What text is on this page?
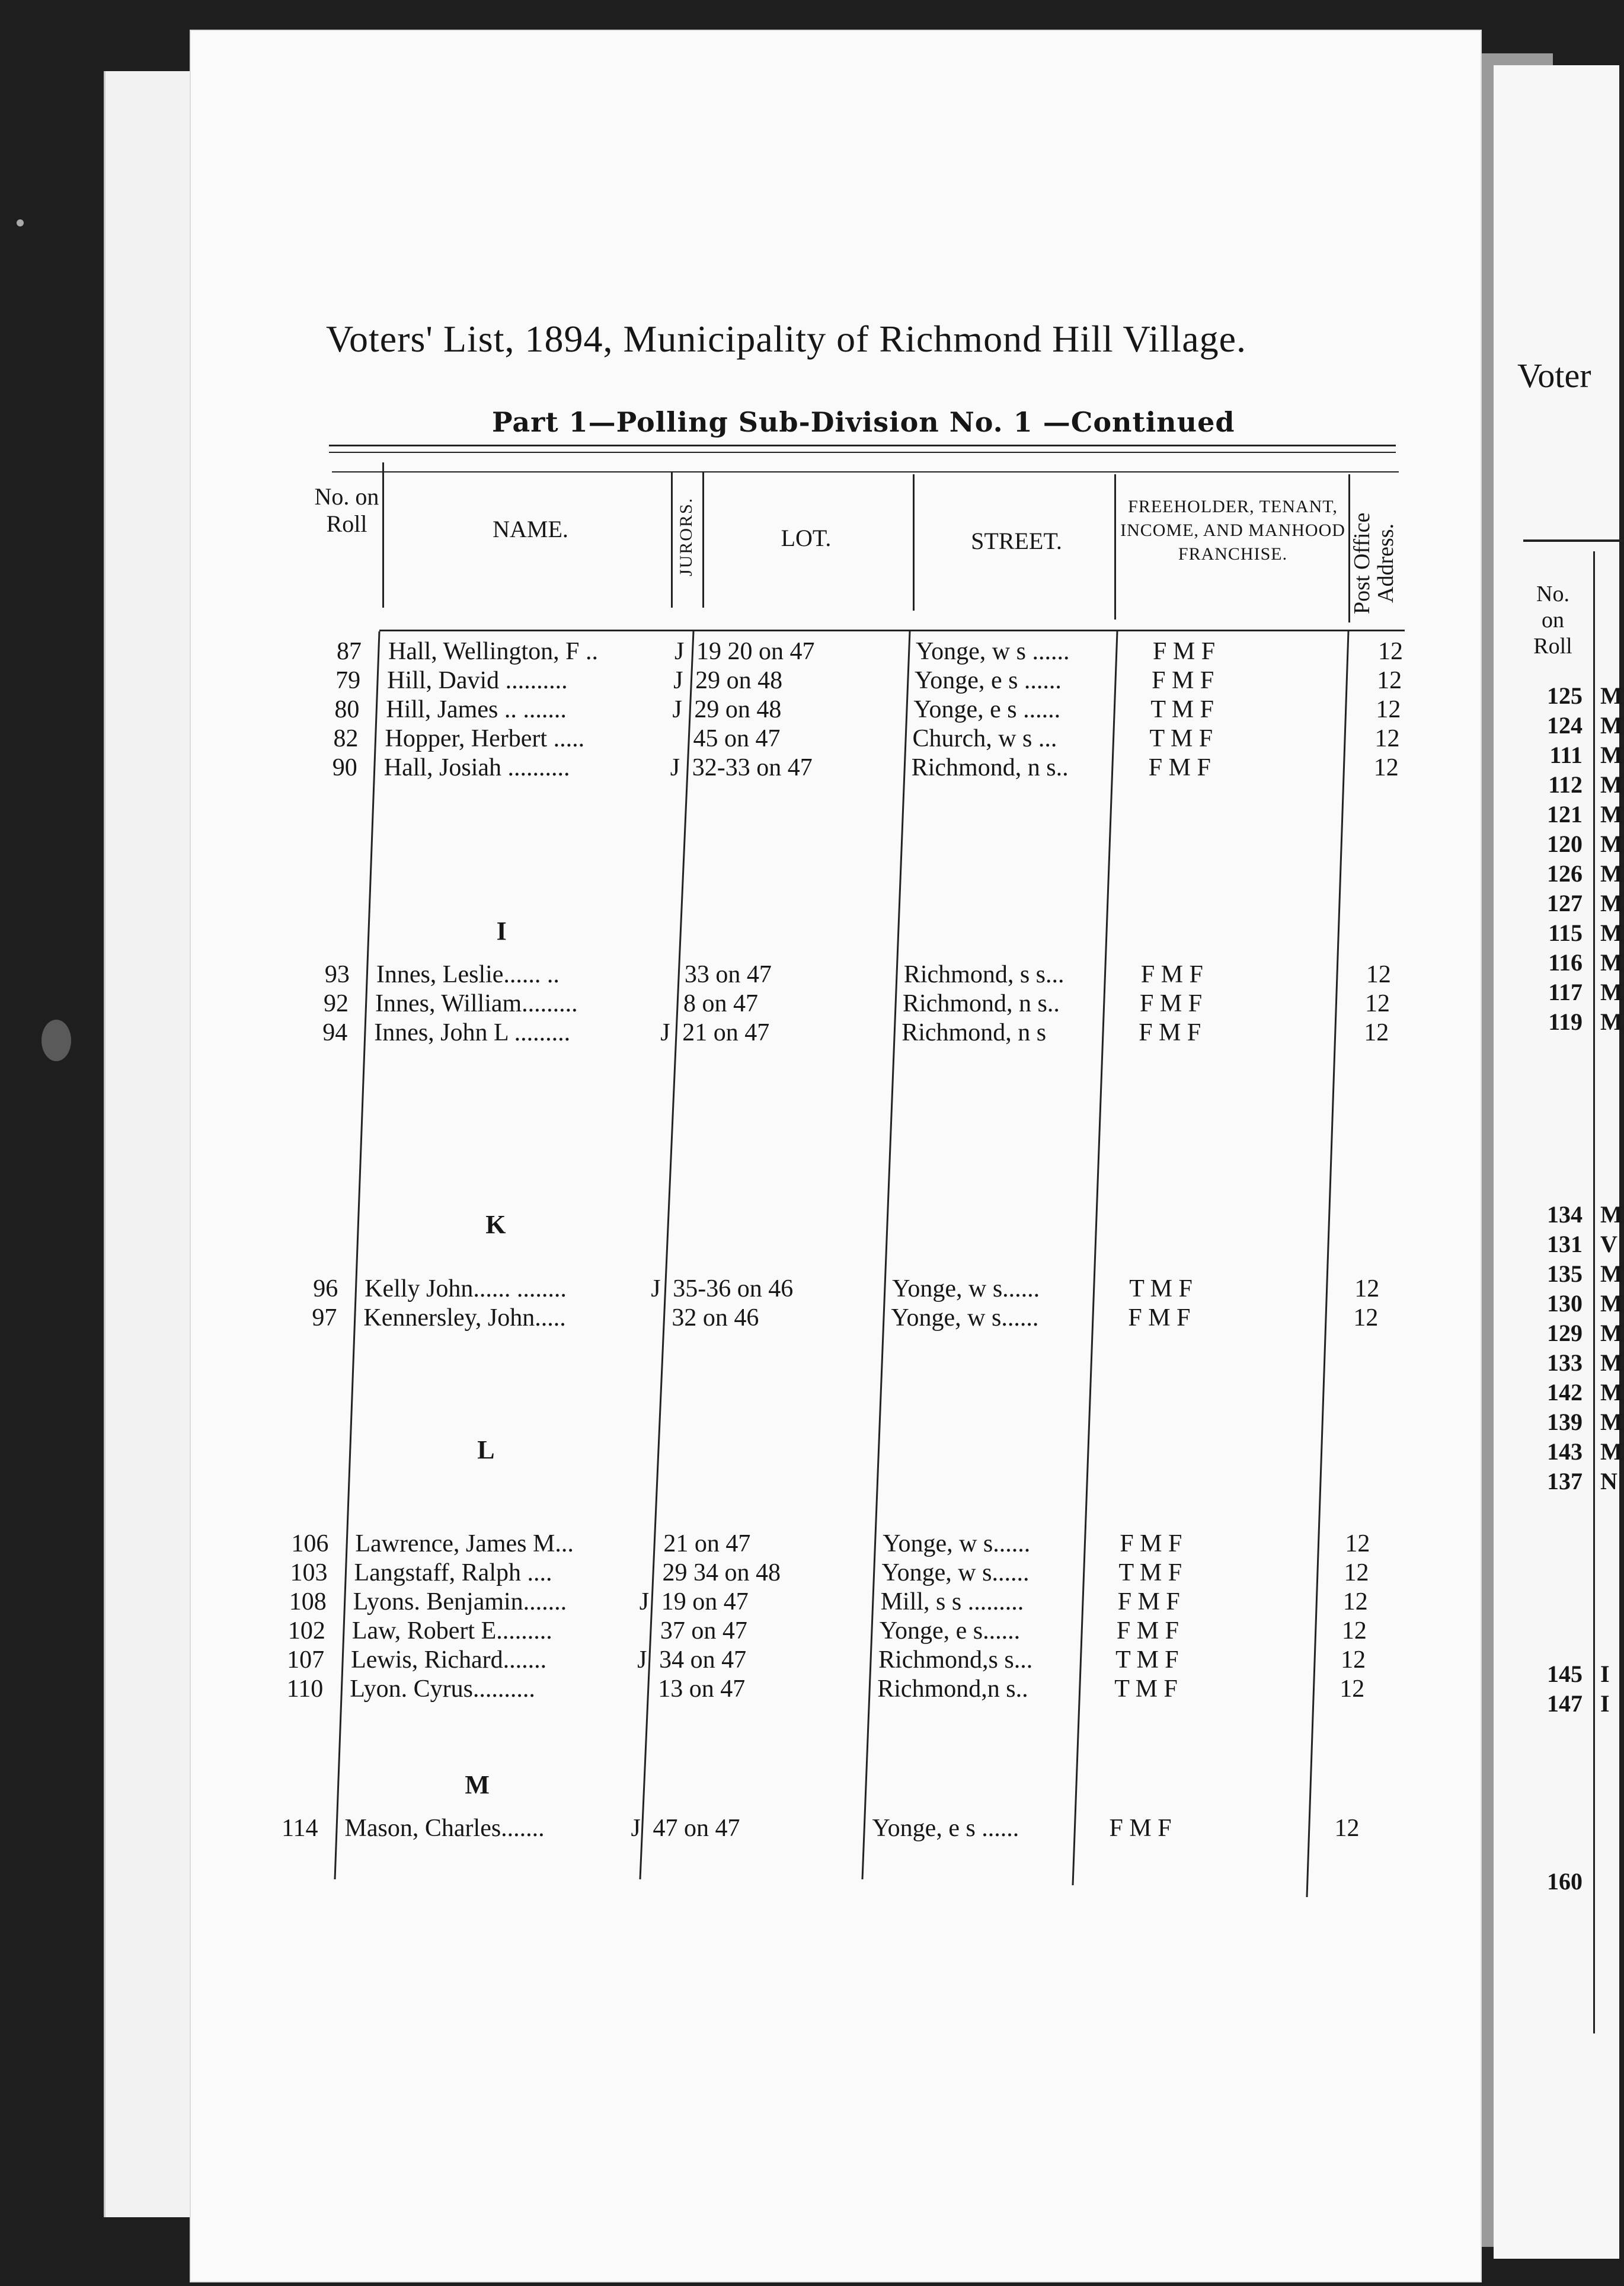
Voter
No. on Roll
125 M
124 M
111 M
112 M
121 M
120 M
126 M
127 M
115 M
116 M
117 M
119 M
134 M
131 V
135 M
130 M
129 M
133 M
142 M
139 M
143 M
137 N
145 I
147 I
160
Voters' List, 1894, Municipality of Richmond Hill Village.
Part 1—Polling Sub-Division No. 1 —Continued
No. on Roll	NAME.	JURORS.	LOT.	STREET.
FREEHOLDER, TENANT, INCOME, AND MANHOOD FRANCHISE.	Post Office Address.
87 Hall, Wellington, F ..	J 19 20 on 47	Yonge, w s ......	F M F	12
79 Hill, David ..........	J 29 on 48	Yonge, e s ......	F M F	12
80 Hill, James .. .......	J 29 on 48	Yonge, e s ......	T M F	12
82 Hopper, Herbert .....	45 on 47	Church, w s ...	T M F	12
90 Hall, Josiah ..........	J 32-33 on 47	Richmond, n s..	F M F	12
I
93 Innes, Leslie...... ..	33 on 47	Richmond, s s...	F M F	12
92 Innes, William.........	8 on 47	Richmond, n s..	F M F	12
94 Innes, John L .........	J 21 on 47	Richmond, n s	F M F	12
K
96 Kelly John...... ........	J 35-36 on 46	Yonge, w s......	T M F	12
97 Kennersley, John.....	32 on 46	Yonge, w s......	F M F	12
L
106 Lawrence, James M...	21 on 47	Yonge, w s......	F M F	12
103 Langstaff, Ralph ....	29 34 on 48	Yonge, w s......	T M F	12
108 Lyons. Benjamin.......	J 19 on 47	Mill, s s .........	F M F	12
102 Law, Robert E.........	37 on 47	Yonge, e s......	F M F	12
107 Lewis, Richard.......	J 34 on 47	Richmond,s s...	T M F	12
110 Lyon. Cyrus..........	13 on 47	Richmond,n s..	T M F	12
M
114 Mason, Charles.......	J 47 on 47	Yonge, e s ......	F M F	12
